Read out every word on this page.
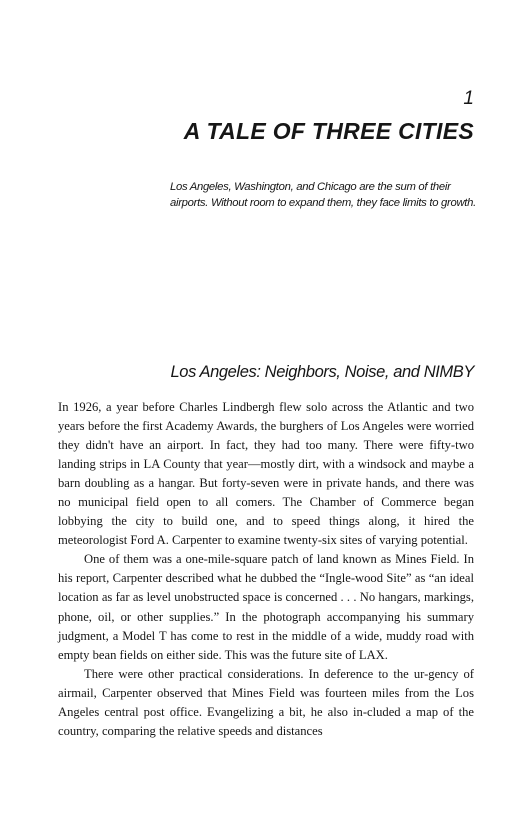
1
A TALE OF THREE CITIES
Los Angeles, Washington, and Chicago are the sum of their airports. Without room to expand them, they face limits to growth.
Los Angeles: Neighbors, Noise, and NIMBY

In 1926, a year before Charles Lindbergh flew solo across the Atlantic and two years before the first Academy Awards, the burghers of Los Angeles were worried they didn't have an airport. In fact, they had too many. There were fifty-two landing strips in LA County that year—mostly dirt, with a windsock and maybe a barn doubling as a hangar. But forty-seven were in private hands, and there was no municipal field open to all comers. The Chamber of Commerce began lobbying the city to build one, and to speed things along, it hired the meteorologist Ford A. Carpenter to examine twenty-six sites of varying potential.

One of them was a one-mile-square patch of land known as Mines Field. In his report, Carpenter described what he dubbed the “Ingle-wood Site” as “an ideal location as far as level unobstructed space is concerned . . . No hangars, markings, phone, oil, or other supplies.” In the photograph accompanying his summary judgment, a Model T has come to rest in the middle of a wide, muddy road with empty bean fields on either side. This was the future site of LAX.

There were other practical considerations. In deference to the ur-gency of airmail, Carpenter observed that Mines Field was fourteen miles from the Los Angeles central post office. Evangelizing a bit, he also in-cluded a map of the country, comparing the relative speeds and distances
